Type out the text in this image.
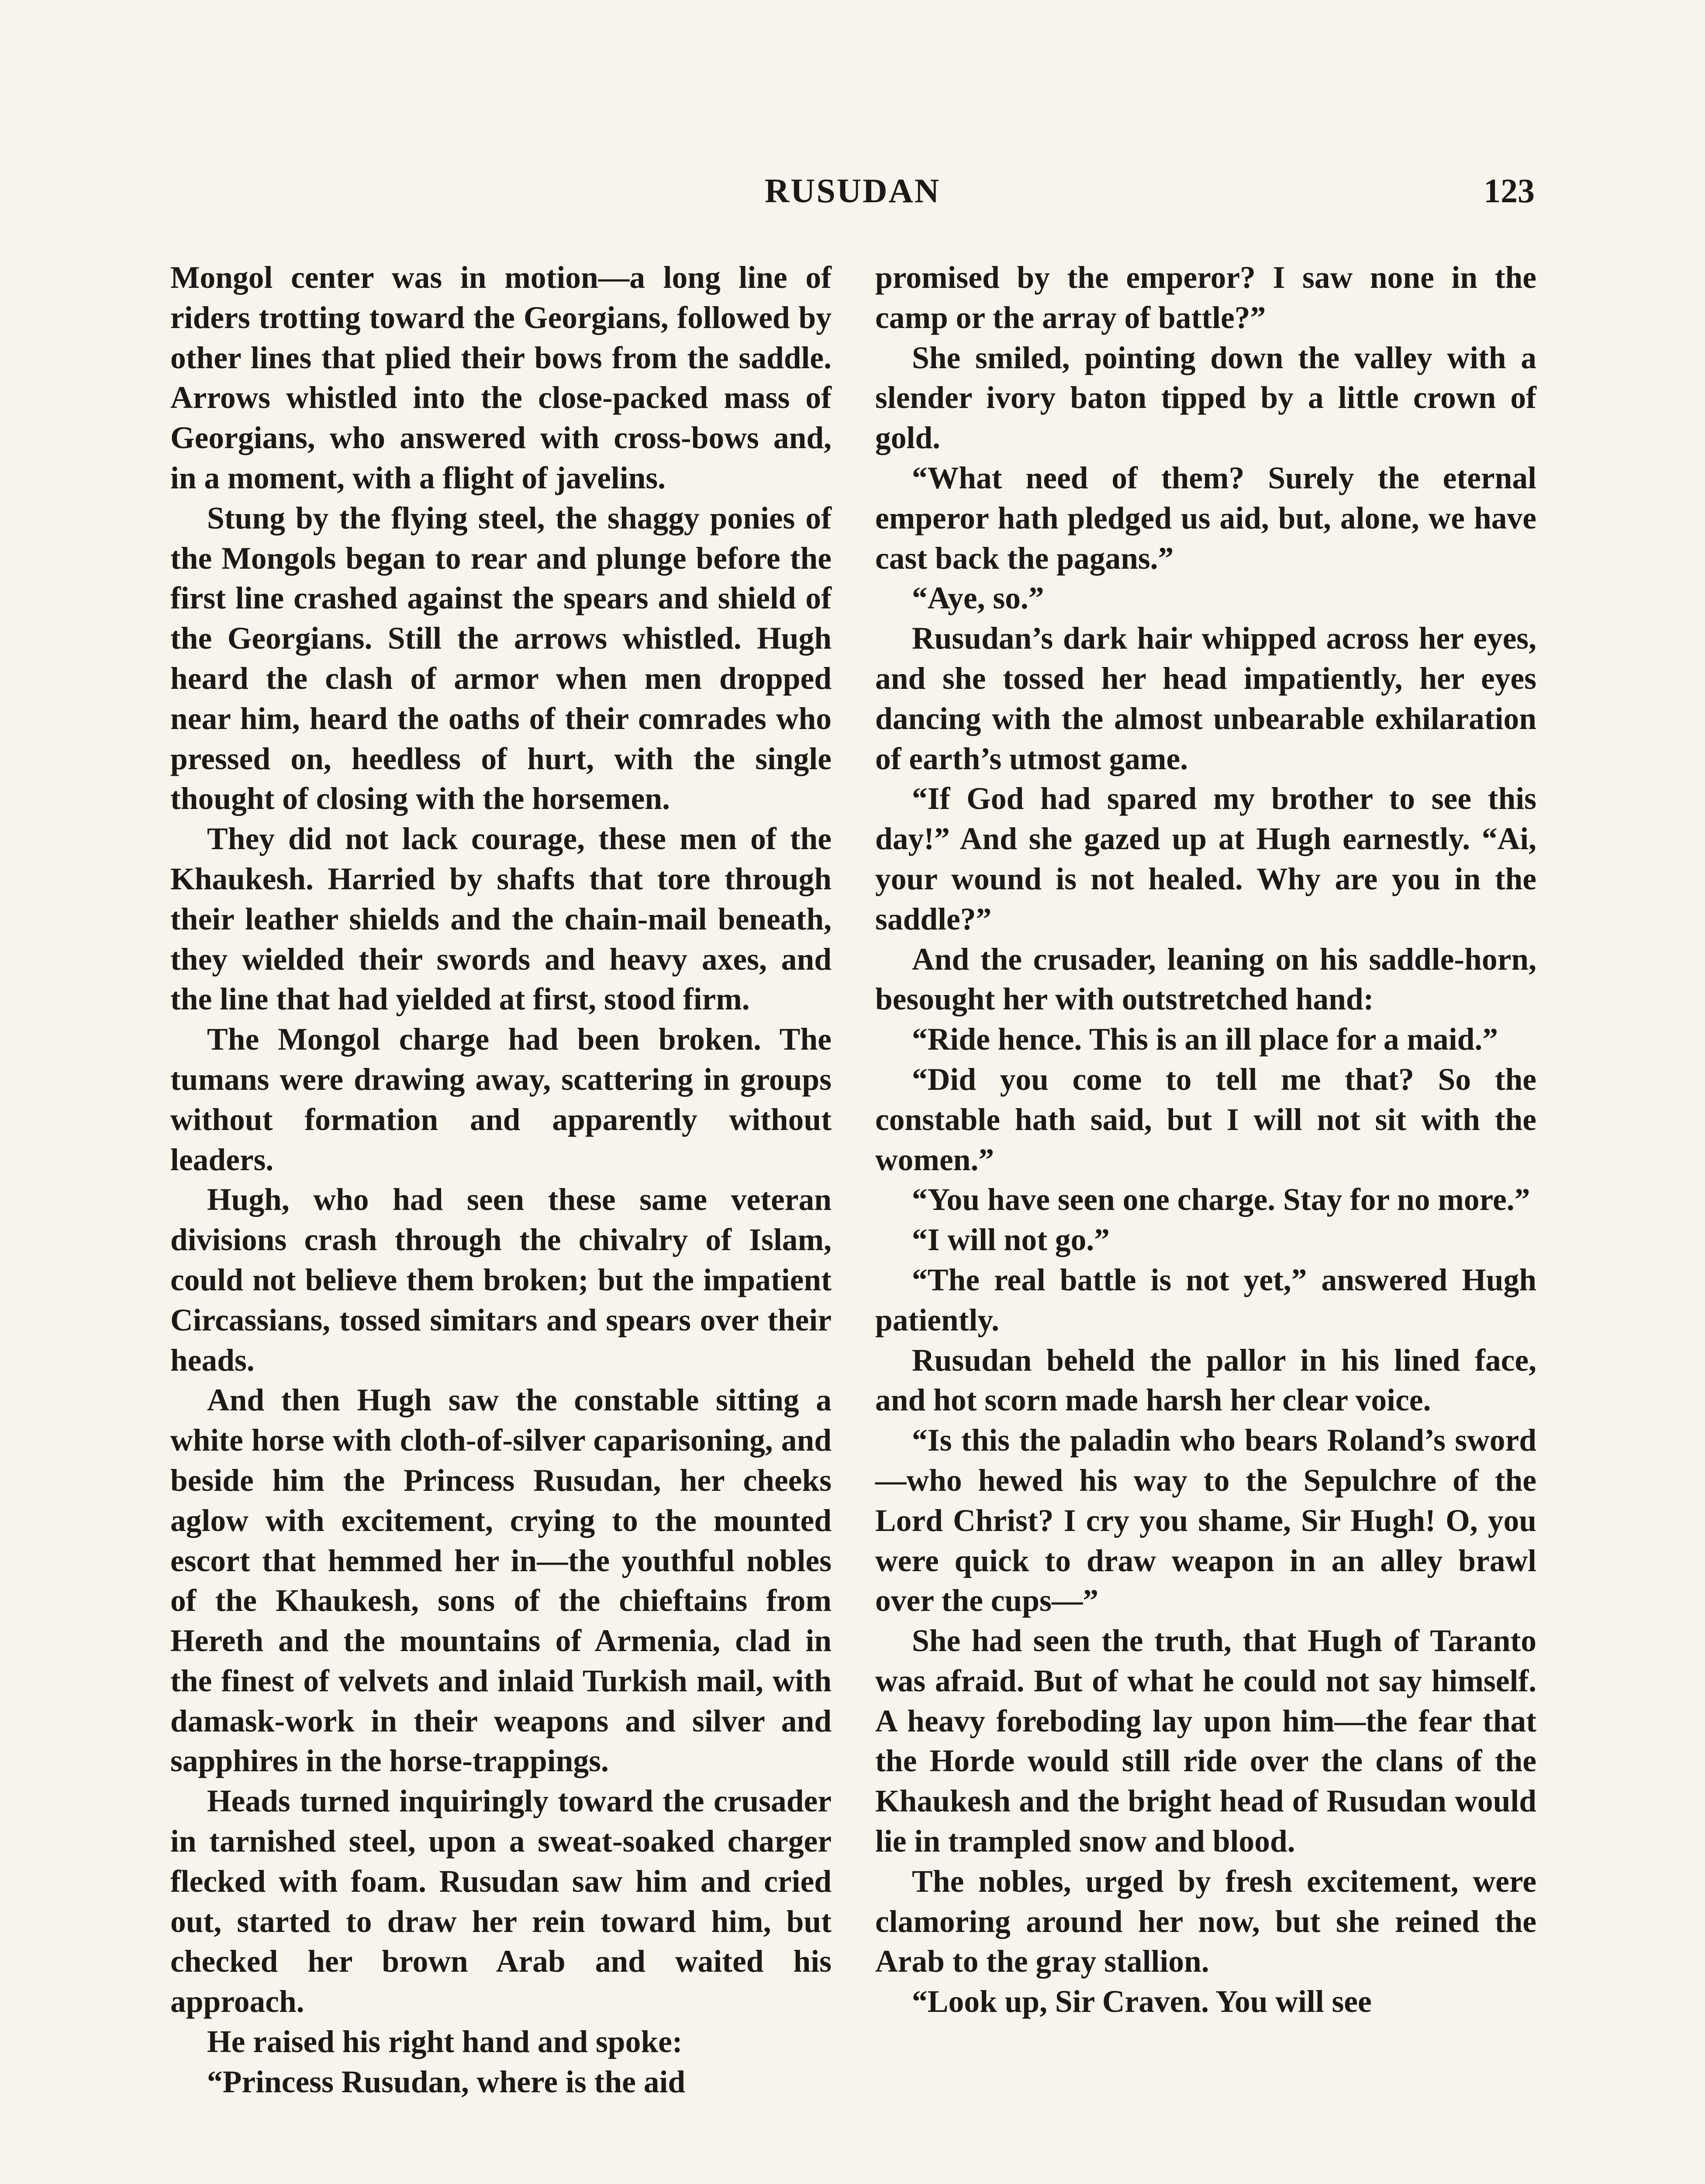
RUSUDAN	123

Mongol center was in motion—a long line of riders trotting toward the Georgians, followed by other lines that plied their bows from the saddle. Arrows whistled into the close-packed mass of Georgians, who answered with cross-bows and, in a moment, with a flight of javelins.

Stung by the flying steel, the shaggy ponies of the Mongols began to rear and plunge before the first line crashed against the spears and shield of the Georgians. Still the arrows whistled. Hugh heard the clash of armor when men dropped near him, heard the oaths of their comrades who pressed on, heedless of hurt, with the single thought of closing with the horsemen.

They did not lack courage, these men of the Khaukesh. Harried by shafts that tore through their leather shields and the chain-mail beneath, they wielded their swords and heavy axes, and the line that had yielded at first, stood firm.

The Mongol charge had been broken. The tumans were drawing away, scattering in groups without formation and apparently without leaders.

Hugh, who had seen these same veteran divisions crash through the chivalry of Islam, could not believe them broken; but the impatient Circassians, tossed simitars and spears over their heads.

And then Hugh saw the constable sitting a white horse with cloth-of-silver caparisoning, and beside him the Princess Rusudan, her cheeks aglow with excitement, crying to the mounted escort that hemmed her in—the youthful nobles of the Khaukesh, sons of the chieftains from Hereth and the mountains of Armenia, clad in the finest of velvets and inlaid Turkish mail, with damask-work in their weapons and silver and sapphires in the horse-trappings.

Heads turned inquiringly toward the crusader in tarnished steel, upon a sweat-soaked charger flecked with foam. Rusudan saw him and cried out, started to draw her rein toward him, but checked her brown Arab and waited his approach.

He raised his right hand and spoke:

“Princess Rusudan, where is the aid

promised by the emperor? I saw none in the camp or the array of battle?”

She smiled, pointing down the valley with a slender ivory baton tipped by a little crown of gold.

“What need of them? Surely the eternal emperor hath pledged us aid, but, alone, we have cast back the pagans.”

“Aye, so.”

Rusudan’s dark hair whipped across her eyes, and she tossed her head impatiently, her eyes dancing with the almost unbearable exhilaration of earth’s utmost game.

“If God had spared my brother to see this day!” And she gazed up at Hugh earnestly. “Ai, your wound is not healed. Why are you in the saddle?”

And the crusader, leaning on his saddle-horn, besought her with outstretched hand:

“Ride hence. This is an ill place for a maid.”

“Did you come to tell me that? So the constable hath said, but I will not sit with the women.”

“You have seen one charge. Stay for no more.”

“I will not go.”

“The real battle is not yet,” answered Hugh patiently.

Rusudan beheld the pallor in his lined face, and hot scorn made harsh her clear voice.

“Is this the paladin who bears Roland’s sword—who hewed his way to the Sepulchre of the Lord Christ? I cry you shame, Sir Hugh! O, you were quick to draw weapon in an alley brawl over the cups—”

She had seen the truth, that Hugh of Taranto was afraid. But of what he could not say himself. A heavy foreboding lay upon him—the fear that the Horde would still ride over the clans of the Khaukesh and the bright head of Rusudan would lie in trampled snow and blood.

The nobles, urged by fresh excitement, were clamoring around her now, but she reined the Arab to the gray stallion.

“Look up, Sir Craven. You will see
